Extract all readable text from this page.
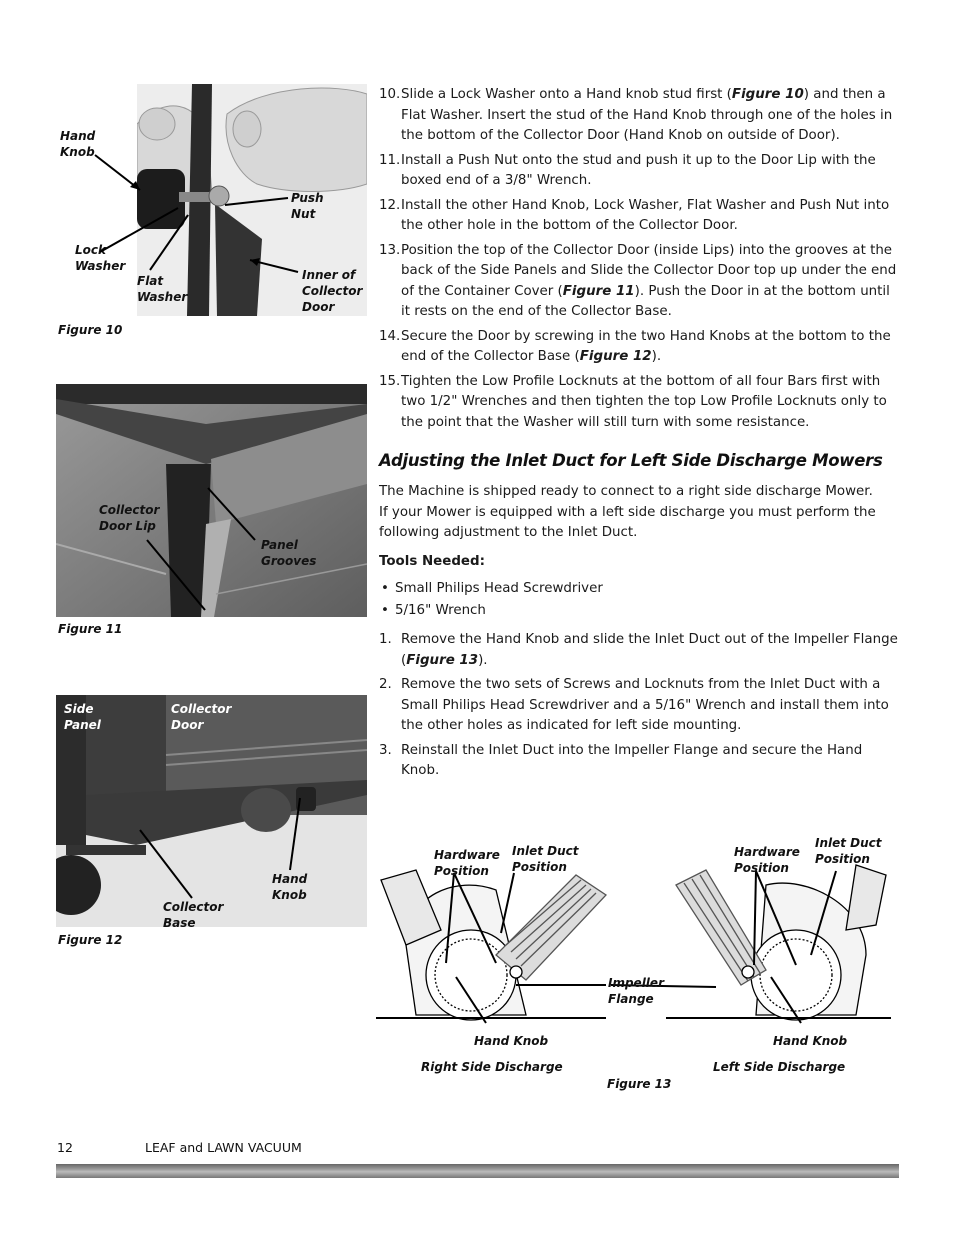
Hand
Knob
Push
Nut
Lock
Washer
Flat
Washer
Inner of
Collector
Door
Figure 10
Collector
Door Lip
Panel
Grooves
Figure 11
Side
Panel
Collector
Door
Collector
Base
Hand
Knob
Figure 12
10. Slide a Lock Washer onto a Hand knob stud first (Figure 10) and then a Flat Washer. Insert the stud of the Hand Knob through one of the holes in the bottom of the Collector Door (Hand Knob on outside of Door).
11. Install a Push Nut onto the stud and push it up to the Door Lip with the boxed end of a 3/8" Wrench.
12. Install the other Hand Knob, Lock Washer, Flat Washer and Push Nut into the other hole in the bottom of the Collector Door.
13. Position the top of the Collector Door (inside Lips) into the grooves at the back of the Side Panels and Slide the Collector Door top up under the end of the Container Cover (Figure 11). Push the Door in at the bottom until it rests on the end of the Collector Base.
14. Secure the Door by screwing in the two Hand Knobs at the bottom to the end of the Collector Base (Figure 12).
15. Tighten the Low Profile Locknuts at the bottom of all four Bars first with two 1/2" Wrenches and then tighten the top Low Profile Locknuts only to the point that the Washer will still turn with some resistance.
Adjusting the Inlet Duct for Left Side Discharge Mowers
The Machine is shipped ready to connect to a right side discharge Mower. If your Mower is equipped with a left side discharge you must perform the following adjustment to the Inlet Duct.
Tools Needed:
• Small Philips Head Screwdriver
• 5/16" Wrench
1. Remove the Hand Knob and slide the Inlet Duct out of the Impeller Flange (Figure 13).
2. Remove the two sets of Screws and Locknuts from the Inlet Duct with a Small Philips Head Screwdriver and a 5/16" Wrench and install them into the other holes as indicated for left side mounting.
3. Reinstall the Inlet Duct into the Impeller Flange and secure the Hand Knob.
Hardware
Position
Inlet Duct
Position
Impeller
Flange
Hardware
Position
Inlet Duct
Position
Hand Knob	Hand Knob
Right Side Discharge	Left Side Discharge
Figure 13
12	LEAF and LAWN VACUUM
